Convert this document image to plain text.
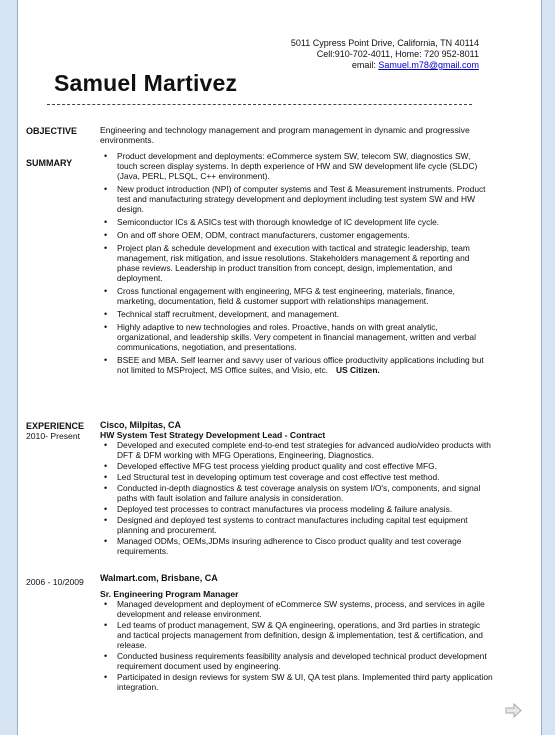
5011 Cypress Point Drive, California, TN 40114
Cell:910-702-4011, Home: 720 952-8011
email: Samuel.m78@gmail.com
Samuel Martivez
OBJECTIVE	Engineering and technology management and program management in dynamic and progressive environments.
SUMMARY
• Product development and deployments: eCommerce system SW, telecom SW, diagnostics SW, touch screen display systems. In depth experience of HW and SW development life cycle (SLDC) (Java, PERL, PLSQL, C++ environment).
• New product introduction (NPI) of computer systems and Test & Measurement instruments. Product test and manufacturing strategy development and deployment including test system SW and HW design.
• Semiconductor ICs & ASICs test with thorough knowledge of IC development life cycle.
• On and off shore OEM, ODM, contract manufacturers, customer engagements.
• Project plan & schedule development and execution with tactical and strategic leadership, team management, risk mitigation, and issue resolutions. Stakeholders management & reporting and phase reviews. Leadership in product transition from concept, design, implementation, and deployment.
• Cross functional engagement with engineering, MFG & test engineering, materials, finance, marketing, documentation, field & customer support with relationships management.
• Technical staff recruitment, development, and management.
• Highly adaptive to new technologies and roles. Proactive, hands on with great analytic, organizational, and leadership skills. Very competent in financial management, written and verbal communications, negotiation, and presentations.
• BSEE and MBA. Self learner and savvy user of various office productivity applications including but not limited to MSProject, MS Office suites, and Visio, etc. US Citizen.
EXPERIENCE
2010- Present
Cisco, Milpitas, CA
HW System Test Strategy Development Lead - Contract
• Developed and executed complete end-to-end test strategies for advanced audio/video products with DFT & DFM working with MFG Operations, Engineering, Diagnostics.
• Developed effective MFG test process yielding product quality and cost effective MFG.
• Led Structural test in developing optimum test coverage and cost effective test method.
• Conducted in-depth diagnostics & test coverage analysis on system I/O's, components, and signal paths with fault isolation and failure analysis in consideration.
• Deployed test processes to contract manufactures via process modeling & failure analysis.
• Designed and deployed test systems to contract manufactures including capital test equipment planning and procurement.
• Managed ODMs, OEMs,JDMs insuring adherence to Cisco product quality and test coverage requirements.
2006 - 10/2009 Walmart.com, Brisbane, CA
Sr. Engineering Program Manager
• Managed development and deployment of eCommerce SW systems, process, and services in agile development and release environment.
• Led teams of product management, SW & QA engineering, operations, and 3rd parties in strategic and tactical projects management from definition, design & implementation, test & certification, and release.
• Conducted business requirements feasibility analysis and developed technical product development requirement document used by engineering.
• Participated in design reviews for system SW & UI, QA test plans. Implemented third party application integration.
